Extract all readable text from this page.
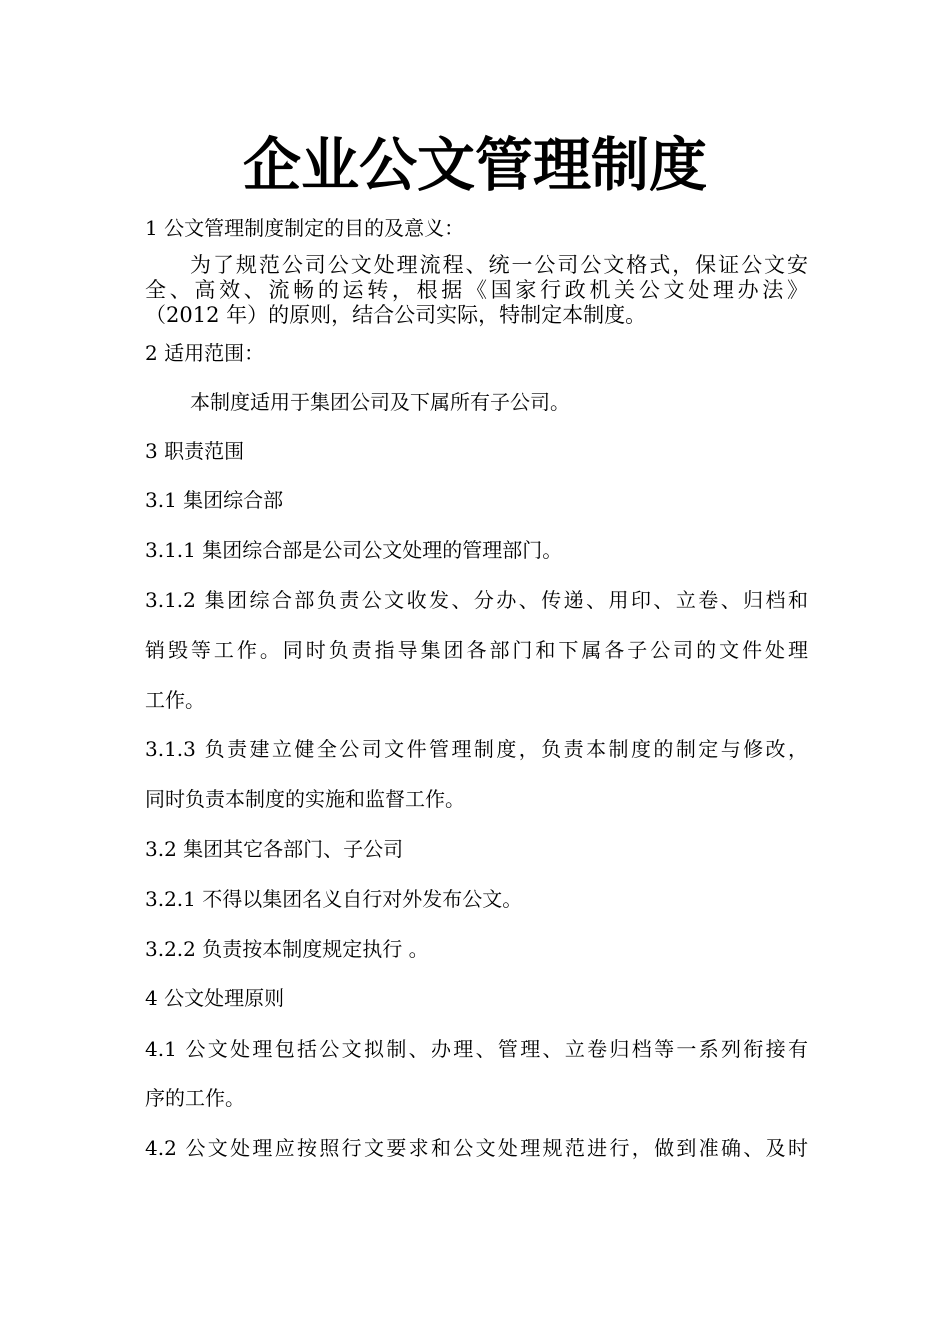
企业公文管理制度
1 公文管理制度制定的目的及意义：
为了规范公司公文处理流程、统一公司公文格式，保证公文安
全、高效、流畅的运转，根据《国家行政机关公文处理办法》
（2012 年）的原则，结合公司实际，特制定本制度。
2 适用范围：
本制度适用于集团公司及下属所有子公司。
3 职责范围
3.1 集团综合部
3.1.1 集团综合部是公司公文处理的管理部门。
3.1.2 集团综合部负责公文收发、分办、传递、用印、立卷、归档和
销毁等工作。同时负责指导集团各部门和下属各子公司的文件处理
工作。
3.1.3 负责建立健全公司文件管理制度，负责本制度的制定与修改，
同时负责本制度的实施和监督工作。
3.2 集团其它各部门、子公司
3.2.1 不得以集团名义自行对外发布公文。
3.2.2 负责按本制度规定执行 。
4 公文处理原则
4.1 公文处理包括公文拟制、办理、管理、立卷归档等一系列衔接有
序的工作。
4.2 公文处理应按照行文要求和公文处理规范进行，做到准确、及时
